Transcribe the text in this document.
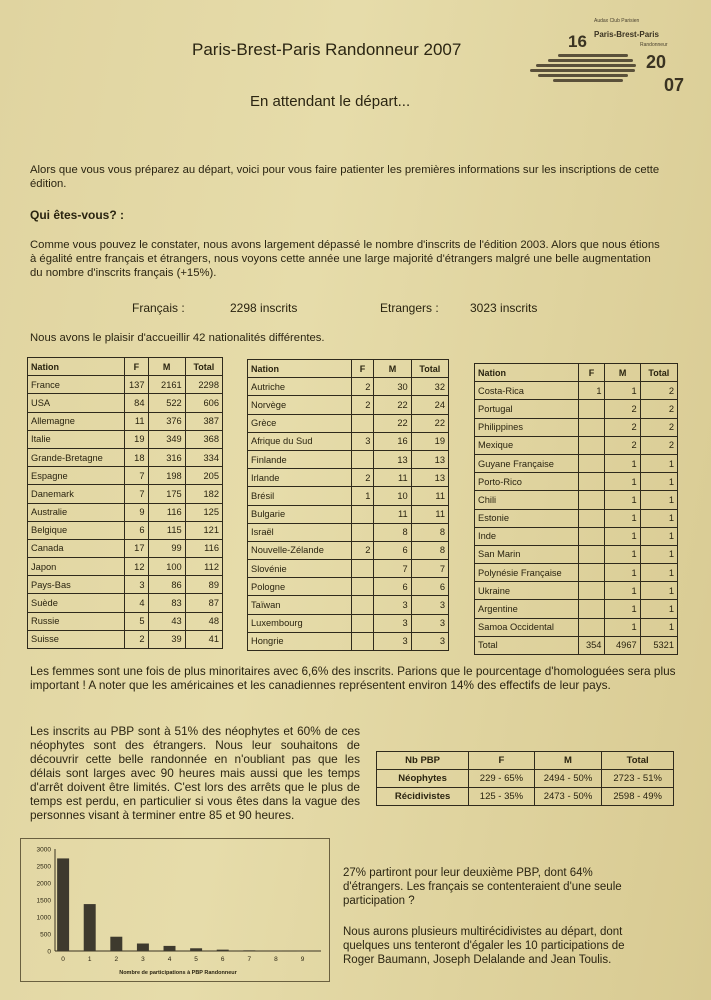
Paris-Brest-Paris Randonneur 2007
En attendant le départ...
Audax Club Parisien
Paris-Brest-Paris
Randonneur
16
20
07
Alors que vous vous préparez au départ, voici pour vous faire patienter les premières informations sur les inscriptions de cette édition.
Qui êtes-vous? :
Comme vous pouvez le constater, nous avons largement dépassé le nombre d'inscrits de l'édition 2003. Alors que nous étions à égalité entre français et étrangers, nous voyons cette année une large majorité d'étrangers malgré une belle augmentation du nombre d'inscrits français (+15%).
Français :	2298 inscrits	Etrangers :	3023 inscrits
Nous avons le plaisir d'accueillir 42 nationalités différentes.
Nation	F	M	Total
France	137	2161	2298
USA	84	522	606
Allemagne	11	376	387
Italie	19	349	368
Grande-Bretagne	18	316	334
Espagne	7	198	205
Danemark	7	175	182
Australie	9	116	125
Belgique	6	115	121
Canada	17	99	116
Japon	12	100	112
Pays-Bas	3	86	89
Suède	4	83	87
Russie	5	43	48
Suisse	2	39	41
Nation	F	M	Total
Autriche	2	30	32
Norvège	2	22	24
Grèce		22	22
Afrique du Sud	3	16	19
Finlande		13	13
Irlande	2	11	13
Brésil	1	10	11
Bulgarie		11	11
Israël		8	8
Nouvelle-Zélande	2	6	8
Slovénie		7	7
Pologne		6	6
Taïwan		3	3
Luxembourg		3	3
Hongrie		3	3
Nation	F	M	Total
Costa-Rica	1	1	2
Portugal		2	2
Philippines		2	2
Mexique		2	2
Guyane Française		1	1
Porto-Rico		1	1
Chili		1	1
Estonie		1	1
Inde		1	1
San Marin		1	1
Polynésie Française		1	1
Ukraine		1	1
Argentine		1	1
Samoa Occidental		1	1
Total	354	4967	5321
Les femmes sont une fois de plus minoritaires avec 6,6% des inscrits. Parions que le pourcentage d'homologuées sera plus important ! A noter que les américaines et les canadiennes représentent environ 14% des effectifs de leur pays.
Les inscrits au PBP sont à 51% des néophytes et 60% de ces néophytes sont des étrangers. Nous leur souhaitons de découvrir cette belle randonnée en n'oubliant pas que les délais sont larges avec 90 heures mais aussi que les temps d'arrêt doivent être limités. C'est lors des arrêts que le plus de temps est perdu, en particulier si vous êtes dans la vague des personnes visant à terminer entre 85 et 90 heures.
Nb PBP	F	M	Total
Néophytes	229 - 65%	2494 - 50%	2723 - 51%
Récidivistes	125 - 35%	2473 - 50%	2598 - 49%
0
500
1000
1500
2000
2500
3000
0	1	2	3	4	5	6	7	8	9
Nombre de participations à PBP Randonneur
27% partiront pour leur deuxième PBP, dont 64% d'étrangers. Les français se contenteraient d'une seule participation ?
Nous aurons plusieurs multirécidivistes au départ, dont quelques uns tenteront d'égaler les 10 participations de Roger Baumann, Joseph Delalande and Jean Toulis.
